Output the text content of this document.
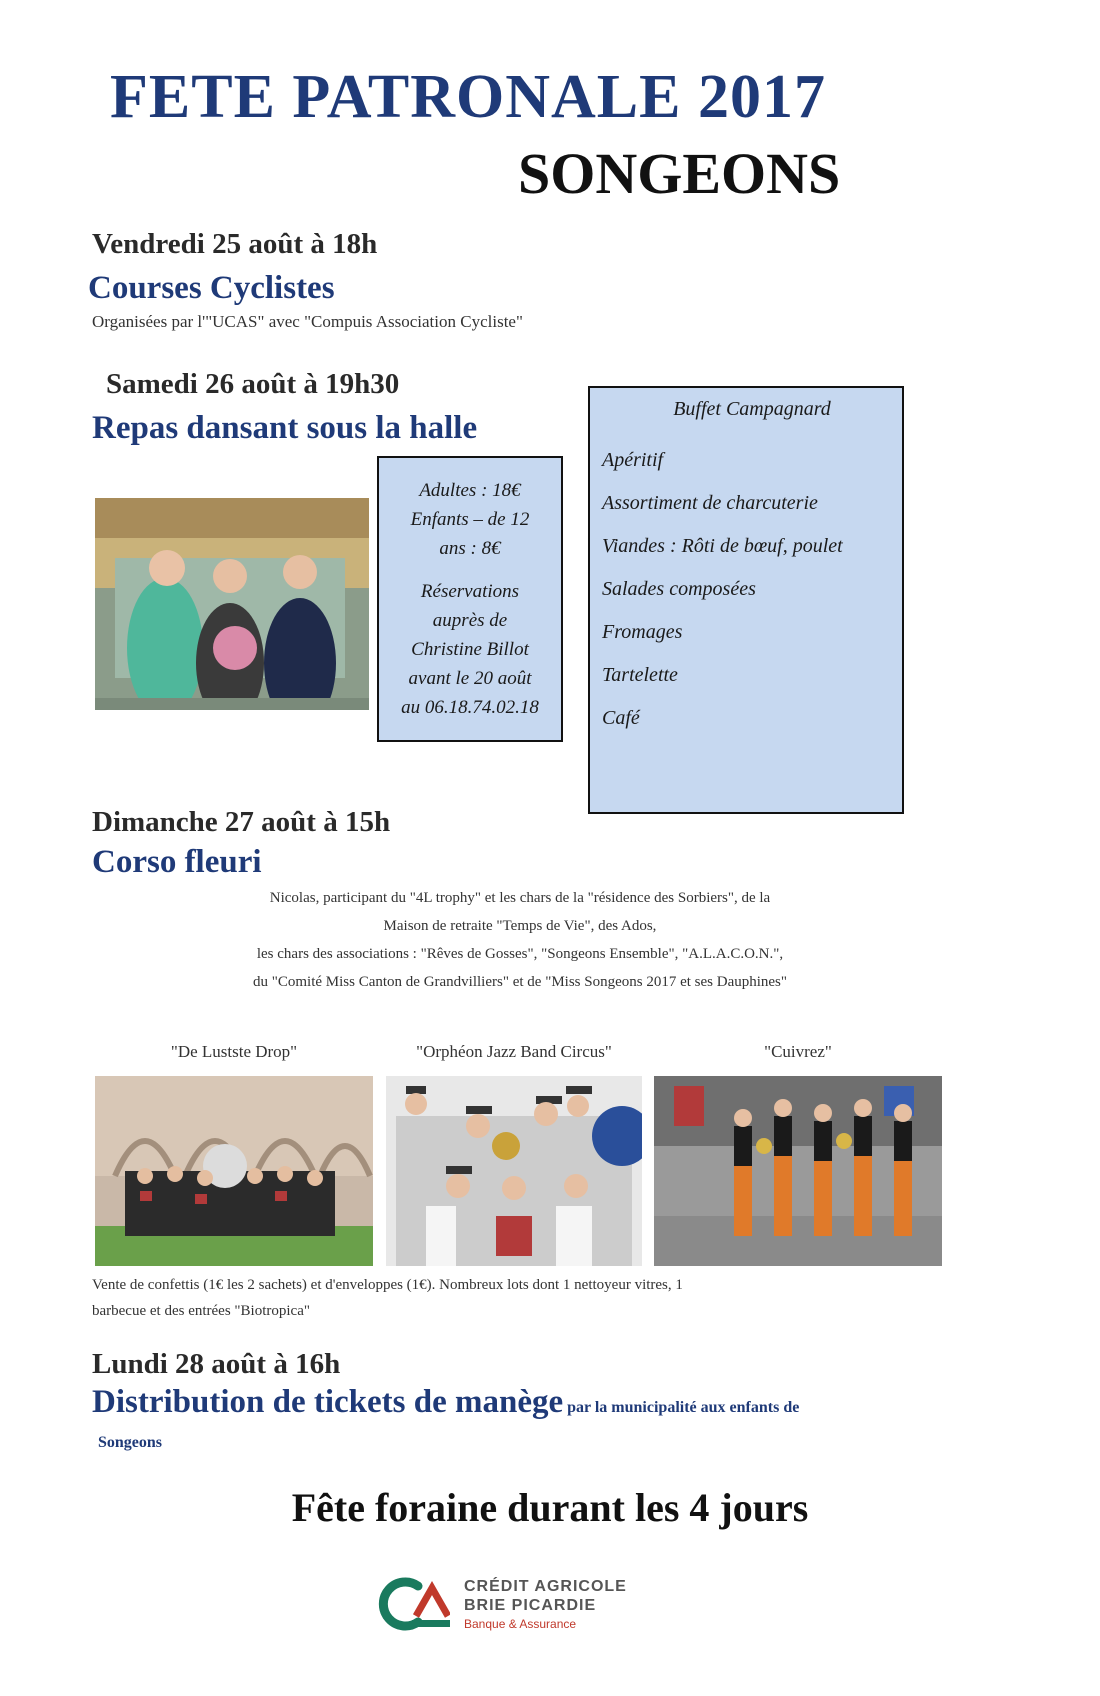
FETE PATRONALE 2017
SONGEONS
Vendredi 25 août à 18h
Courses Cyclistes
Organisées par l'"UCAS" avec "Compuis Association Cycliste"
Samedi 26 août à 19h30
Repas dansant sous la halle
Adultes : 18€
Enfants – de 12
ans : 8€
Réservations
auprès de
Christine Billot
avant le 20 août
au 06.18.74.02.18
Buffet Campagnard
Apéritif
Assortiment de charcuterie
Viandes : Rôti de bœuf, poulet
Salades composées
Fromages
Tartelette
Café
Dimanche 27 août à 15h
Corso fleuri
Nicolas, participant du "4L trophy" et les chars de la "résidence des Sorbiers", de la
Maison de retraite "Temps de Vie", des Ados,
les chars des associations : "Rêves de Gosses", "Songeons Ensemble", "A.L.A.C.O.N.",
du "Comité Miss Canton de Grandvilliers" et de "Miss Songeons 2017 et ses Dauphines"
"De Lustste Drop"	"Orphéon Jazz Band Circus"	"Cuivrez"
Vente de confettis (1€ les 2 sachets) et d'enveloppes (1€). Nombreux lots dont 1 nettoyeur vitres, 1
barbecue et des entrées "Biotropica"
Lundi 28 août à 16h
Distribution de tickets de manège par la municipalité aux enfants de
Songeons
Fête foraine durant les 4 jours
CRÉDIT AGRICOLE
BRIE PICARDIE
Banque & Assurance
